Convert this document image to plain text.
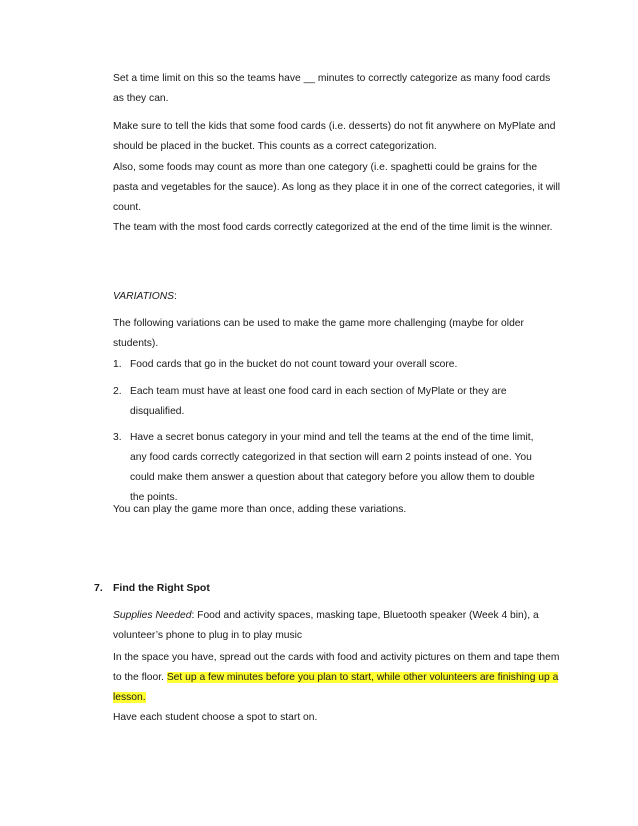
Set a time limit on this so the teams have __ minutes to correctly categorize as many food cards as they can.

Make sure to tell the kids that some food cards (i.e. desserts) do not fit anywhere on MyPlate and should be placed in the bucket. This counts as a correct categorization.

Also, some foods may count as more than one category (i.e. spaghetti could be grains for the pasta and vegetables for the sauce). As long as they place it in one of the correct categories, it will count.

The team with the most food cards correctly categorized at the end of the time limit is the winner.

VARIATIONS:

The following variations can be used to make the game more challenging (maybe for older students).

1. Food cards that go in the bucket do not count toward your overall score.
2. Each team must have at least one food card in each section of MyPlate or they are disqualified.
3. Have a secret bonus category in your mind and tell the teams at the end of the time limit, any food cards correctly categorized in that section will earn 2 points instead of one. You could make them answer a question about that category before you allow them to double the points.

You can play the game more than once, adding these variations.

7. Find the Right Spot

Supplies Needed: Food and activity spaces, masking tape, Bluetooth speaker (Week 4 bin), a volunteer’s phone to plug in to play music

In the space you have, spread out the cards with food and activity pictures on them and tape them to the floor. Set up a few minutes before you plan to start, while other volunteers are finishing up a lesson.

Have each student choose a spot to start on.
